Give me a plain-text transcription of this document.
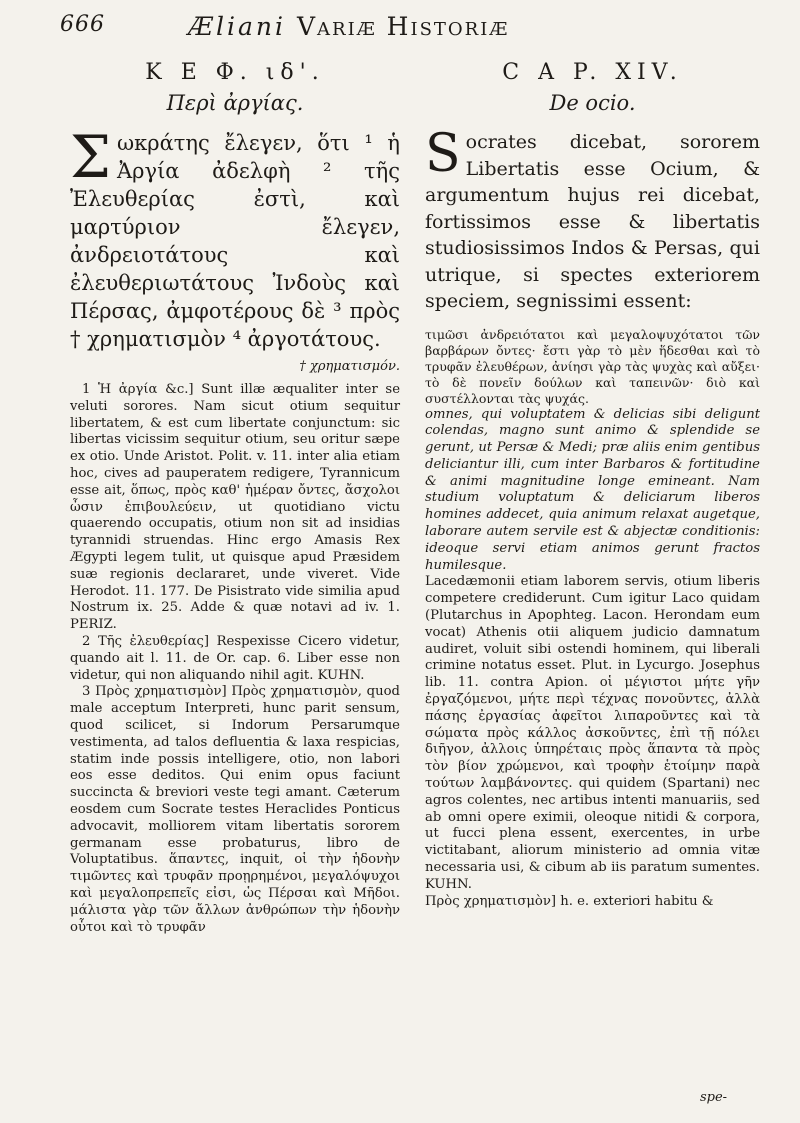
666	Æliani Variæ Historiæ
Κ Ε Φ. ιδ'.
Περὶ ἀργίας.

Σωκράτης ἔλεγεν, ὅτι ¹ ἡ Ἀργία ἀδελφὴ ² τῆς Ἐλευθερίας ἐστὶ, καὶ μαρτύριον ἔλεγεν, ἀνδρειοτάτους καὶ ἐλευθεριωτάτους Ἰνδοὺς καὶ Πέρσας, ἀμφοτέρους δὲ ³ πρὸς † χρηματισμὸν ⁴ ἀργοτάτους.

† χρηματισμόν.

1 Ἡ ἀργία &c.] Sunt illæ æqualiter inter se veluti sorores. Nam sicut otium sequitur libertatem, & est cum libertate conjunctum: sic libertas vicissim sequitur otium, seu oritur sæpe ex otio. Unde Aristot. Polit. v. 11. inter alia etiam hoc, cives ad pauperatem redigere, Tyrannicum esse ait, ὅπως, πρὸς καθ' ἡμέραν ὄντες, ἄσχολοι ὦσιν ἐπιβουλεύειν, ut quotidiano victu quaerendo occupatis, otium non sit ad insidias tyrannidi struendas. Hinc ergo Amasis Rex Ægypti legem tulit, ut quisque apud Præsidem suæ regionis declararet, unde viveret. Vide Herodot. 11. 177. De Pisistrato vide similia apud Nostrum ix. 25. Adde & quæ notavi ad iv. 1. PERIZ.

2 Τῆς ἐλευθερίας] Respexisse Cicero videtur, quando ait l. 11. de Or. cap. 6. Liber esse non videtur, qui non aliquando nihil agit. KUHN.

3 Πρὸς χρηματισμὸν] Πρὸς χρηματισμὸν, quod male acceptum Interpreti, hunc parit sensum, quod scilicet, si Indorum Persarumque vestimenta, ad talos defluentia & laxa respicias, statim inde possis intelligere, otio, non labori eos esse deditos. Qui enim opus faciunt succincta & breviori veste tegi amant. Cæterum eosdem cum Socrate testes Heraclides Ponticus advocavit, molliorem vitam libertatis sororem germanam esse probaturus, libro de Voluptatibus. ἅπαντες, inquit, οἱ τὴν ἡδονὴν τιμῶντες καὶ τρυφᾶν προῃρημένοι, μεγαλόψυχοι καὶ μεγαλοπρεπεῖς εἰσι, ὡς Πέρσαι καὶ Μῆδοι. μάλιστα γὰρ τῶν ἄλλων ἀνθρώπων τὴν ἡδονὴν οὗτοι καὶ τὸ τρυφᾶν

C A P. XIV.
De ocio.

Socrates dicebat, sororem Libertatis esse Ocium, & argumentum hujus rei dicebat, fortissimos esse & libertatis studiosissimos Indos & Persas, qui utrique, si spectes exteriorem speciem, segnissimi essent:

τιμῶσι ἀνδρειότατοι καὶ μεγαλοψυχότατοι τῶν βαρβάρων ὄντες· ἔστι γὰρ τὸ μὲν ἥδεσθαι καὶ τὸ τρυφᾶν ἐλευθέρων, ἀνίησι γὰρ τὰς ψυχὰς καὶ αὔξει· τὸ δὲ πονεῖν δούλων καὶ ταπεινῶν· διὸ καὶ συστέλλονται τὰς ψυχάς.

omnes, qui voluptatem & delicias sibi deligunt colendas, magno sunt animo & splendide se gerunt, ut Persæ & Medi; præ aliis enim gentibus deliciantur illi, cum inter Barbaros & fortitudine & animi magnitudine longe emineant. Nam studium voluptatum & deliciarum liberos homines addecet, quia animum relaxat augetque, laborare autem servile est & abjectæ conditionis: ideoque servi etiam animos gerunt fractos humilesque.

Lacedæmonii etiam laborem servis, otium liberis competere crediderunt. Cum igitur Laco quidam (Plutarchus in Apophteg. Lacon. Herondam eum vocat) Athenis otii aliquem judicio damnatum audiret, voluit sibi ostendi hominem, qui liberali crimine notatus esset. Plut. in Lycurgo. Josephus lib. 11. contra Apion. οἱ μέγιστοι μήτε γῆν ἐργαζόμενοι, μήτε περὶ τέχνας πονοῦντες, ἀλλὰ πάσης ἐργασίας ἀφεῖτοι λιπαροῦντες καὶ τὰ σώματα πρὸς κάλλος ἀσκοῦντες, ἐπὶ τῇ πόλει διῆγον, ἀλλοις ὑπηρέταις πρὸς ἅπαντα τὰ πρὸς τὸν βίον χρώμενοι, καὶ τροφὴν ἑτοίμην παρὰ τούτων λαμβάνοντες. qui quidem (Spartani) nec agros colentes, nec artibus intenti manuariis, sed ab omni opere eximii, oleoque nitidi & corpora, ut fucci plena essent, exercentes, in urbe victitabant, aliorum ministerio ad omnia vitæ necessaria usi, & cibum ab iis paratum sumentes. KUHN.

Πρὸς χρηματισμὸν] h. e. exteriori habitu &

spe-
